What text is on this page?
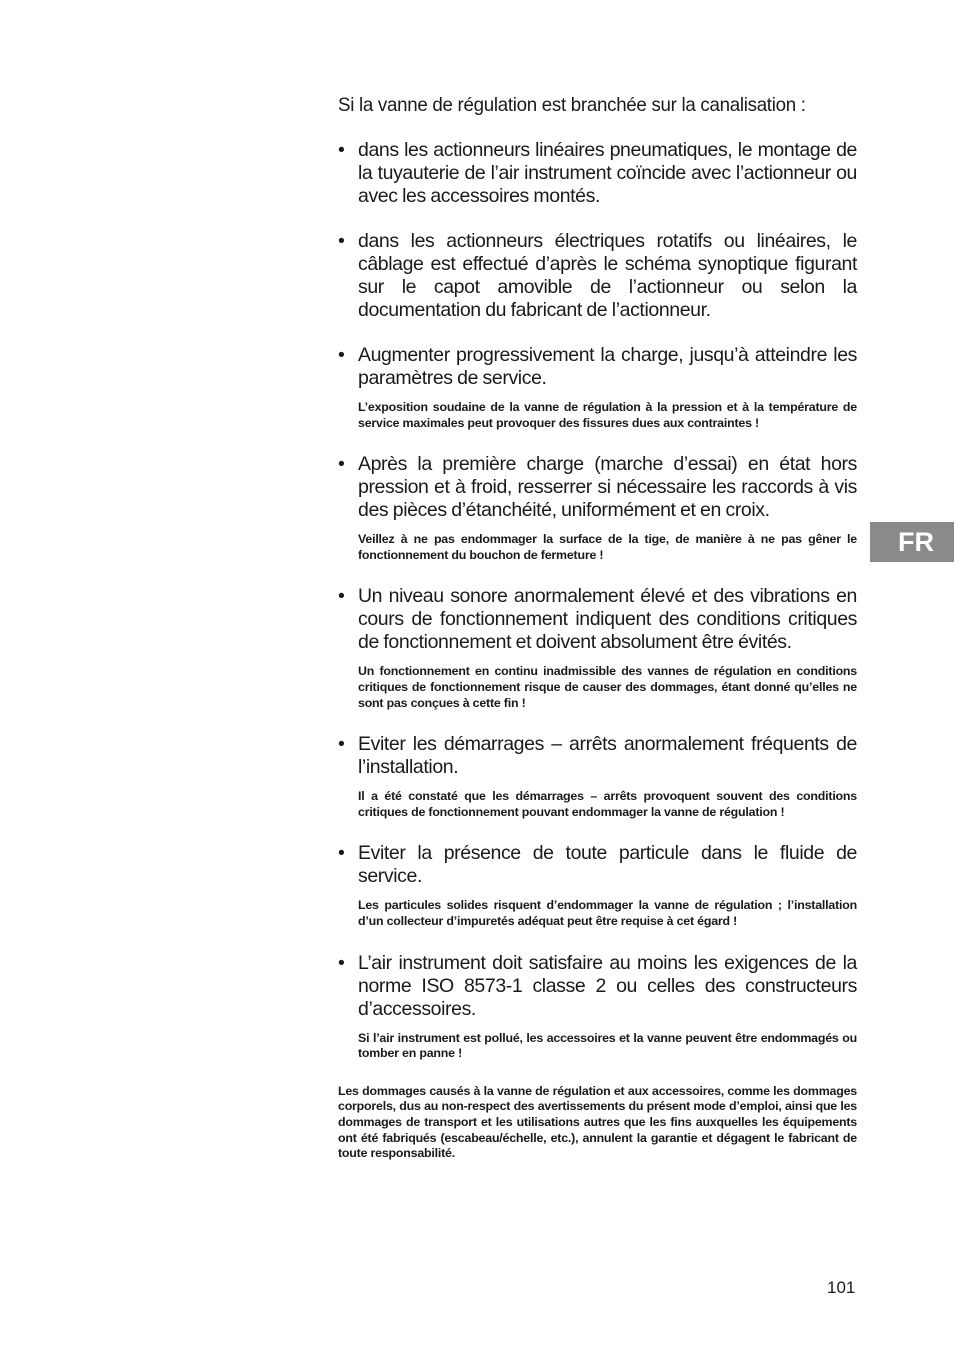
Si la vanne de régulation est branchée sur la canalisation :

• dans les actionneurs linéaires pneumatiques, le montage de la tuyauterie de l’air instrument coïncide avec l’actionneur ou avec les accessoires montés.

• dans les actionneurs électriques rotatifs ou linéaires, le câblage est effectué d’après le schéma synoptique figurant sur le capot amovible de l’actionneur ou selon la documentation du fabricant de l’actionneur.

• Augmenter progressivement la charge, jusqu’à atteindre les paramètres de service.

L’exposition soudaine de la vanne de régulation à la pression et à la température de service maximales peut provoquer des fissures dues aux contraintes !

• Après la première charge (marche d’essai) en état hors pression et à froid, resserrer si nécessaire les raccords à vis des pièces d’étanchéité, uniformément et en croix.

Veillez à ne pas endommager la surface de la tige, de manière à ne pas gêner le fonctionnement du bouchon de fermeture !

• Un niveau sonore anormalement élevé et des vibrations en cours de fonctionnement indiquent des conditions critiques de fonctionnement et doivent absolument être évités.

Un fonctionnement en continu inadmissible des vannes de régulation en conditions critiques de fonctionnement risque de causer des dommages, étant donné qu’elles ne sont pas conçues à cette fin !

• Eviter les démarrages – arrêts anormalement fréquents de l’installation.

Il a été constaté que les démarrages – arrêts provoquent souvent des conditions critiques de fonctionnement pouvant endommager la vanne de régulation !

• Eviter la présence de toute particule dans le fluide de service.

Les particules solides risquent d’endommager la vanne de régulation ; l’installation d’un collecteur d’impuretés adéquat peut être requise à cet égard !

• L’air instrument doit satisfaire au moins les exigences de la norme ISO 8573-1 classe 2 ou celles des constructeurs d’accessoires.

Si l’air instrument est pollué, les accessoires et la vanne peuvent être endommagés ou tomber en panne !

Les dommages causés à la vanne de régulation et aux accessoires, comme les dommages corporels, dus au non-respect des avertissements du présent mode d’emploi, ainsi que les dommages de transport et les utilisations autres que les fins auxquelles les équipements ont été fabriqués (escabeau/échelle, etc.), annulent la garantie et dégagent le fabricant de toute responsabilité.

FR
101
